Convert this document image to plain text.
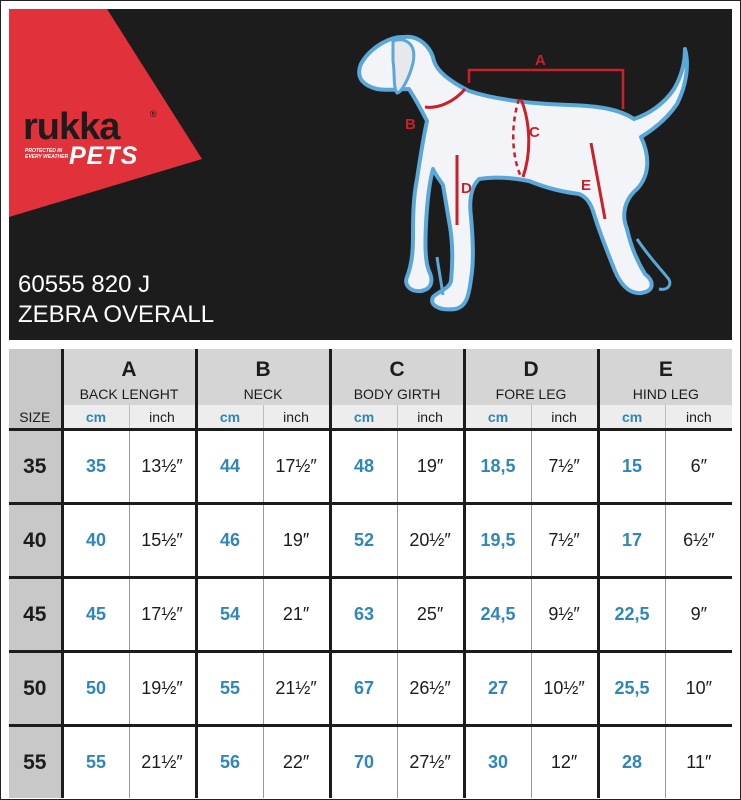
rukka	®
PROTECTED IN EVERY WEATHER PETS
60555 820 J
ZEBRA OVERALL
A
B	C
D	E
	A		B		C		D		E	
	BACK LENGHT		NECK		BODY GIRTH		FORE LEG		HIND LEG	
SIZE	cm	inch	cm	inch	cm	inch	cm	inch	cm	inch
35	35	13½″	44	17½″	48	19″	18,5	7½″	15	6″
40	40	15½″	46	19″	52	20½″	19,5	7½″	17	6½″
45	45	17½″	54	21″	63	25″	24,5	9½″	22,5	9″
50	50	19½″	55	21½″	67	26½″	27	10½″	25,5	10″
55	55	21½″	56	22″	70	27½″	30	12″	28	11″
